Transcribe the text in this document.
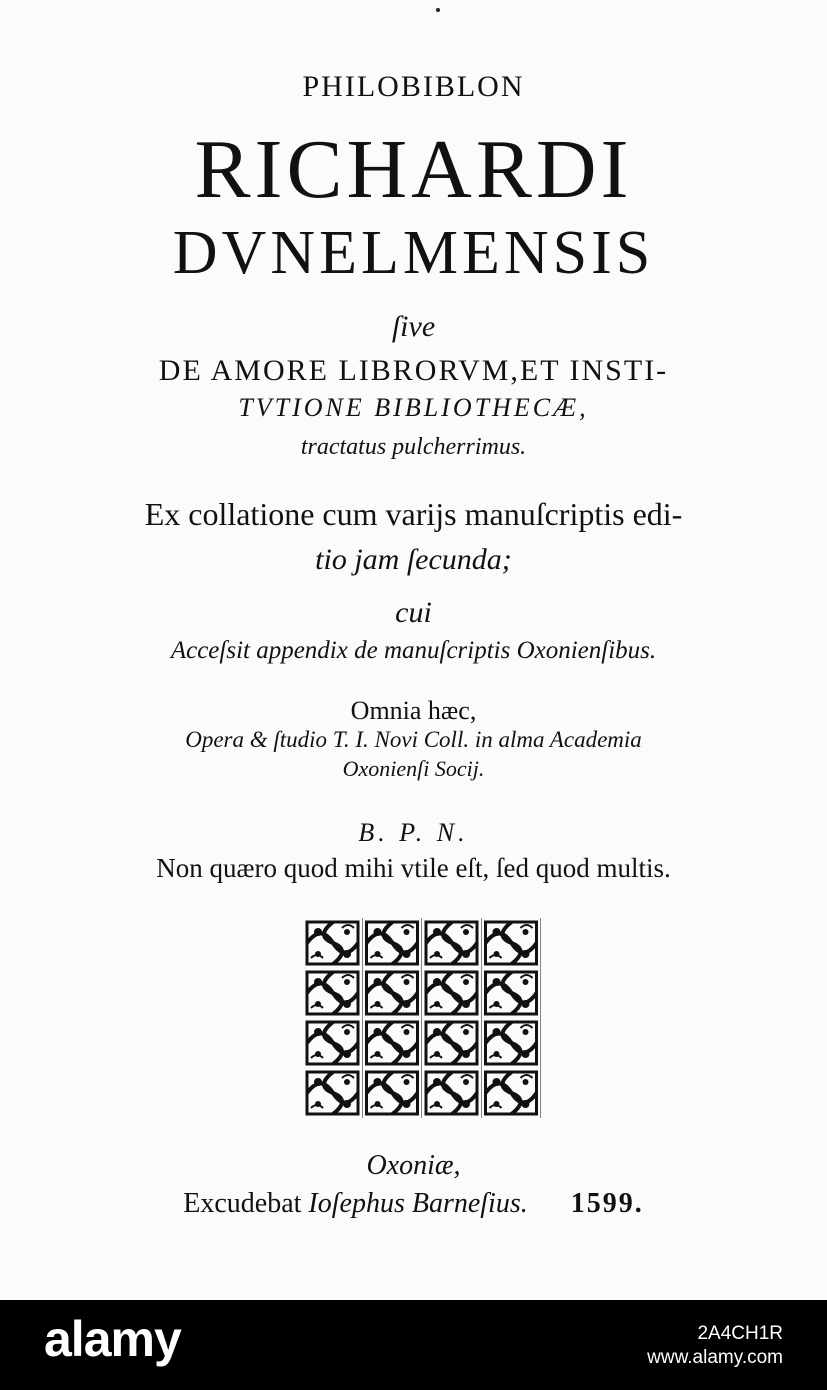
PHILOBIBLON
RICHARDI
DVNELMENSIS
ſive
DE AMORE LIBRORVM,ET INSTI-
TVTIONE BIBLIOTHECÆ,
tractatus pulcherrimus.
Ex collatione cum varijs manuſcriptis edi-
tio jam ſecunda;
cui
Acceſsit appendix de manuſcriptis Oxonienſibus.
Omnia hæc,
Opera & ſtudio T. I. Novi Coll. in alma Academia
Oxonienſi Socij.
B. P. N.
Non quæro quod mihi vtile eſt, ſed quod multis.
Oxoniæ,
Excudebat Ioſephus Barneſius. 1599.
alamy	2A4CH1R
www.alamy.com
